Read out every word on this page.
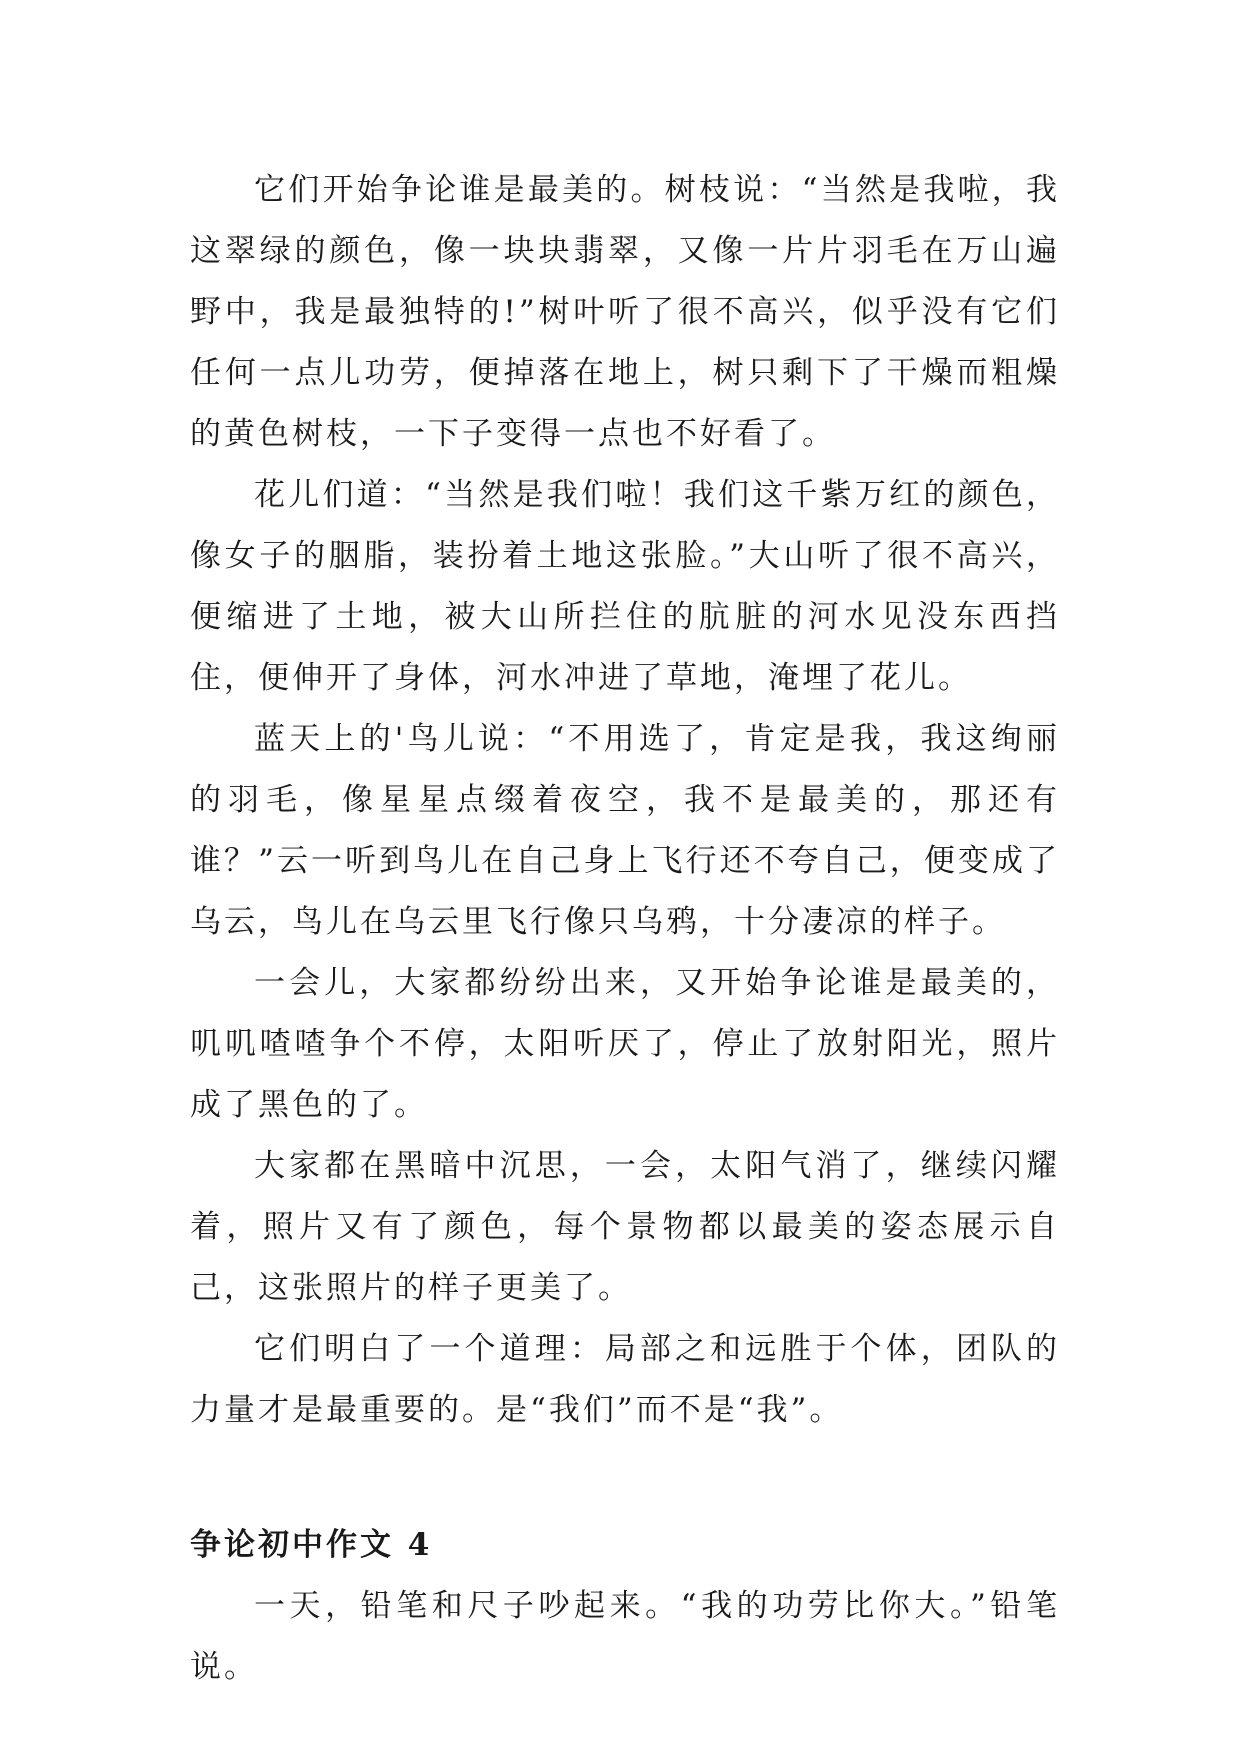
它们开始争论谁是最美的。树枝说：“当然是我啦，我这翠绿的颜色，像一块块翡翠，又像一片片羽毛在万山遍野中，我是最独特的!”树叶听了很不高兴，似乎没有它们任何一点儿功劳，便掉落在地上，树只剩下了干燥而粗燥的黄色树枝，一下子变得一点也不好看了。

花儿们道：“当然是我们啦！我们这千紫万红的颜色，像女子的胭脂，装扮着土地这张脸。”大山听了很不高兴，便缩进了土地，被大山所拦住的肮脏的河水见没东西挡住，便伸开了身体，河水冲进了草地，淹埋了花儿。

蓝天上的'鸟儿说：“不用选了，肯定是我，我这绚丽的羽毛，像星星点缀着夜空，我不是最美的，那还有谁？”云一听到鸟儿在自己身上飞行还不夸自己，便变成了乌云，鸟儿在乌云里飞行像只乌鸦，十分凄凉的样子。

一会儿，大家都纷纷出来，又开始争论谁是最美的，叽叽喳喳争个不停，太阳听厌了，停止了放射阳光，照片成了黑色的了。

大家都在黑暗中沉思，一会，太阳气消了，继续闪耀着，照片又有了颜色，每个景物都以最美的姿态展示自己，这张照片的样子更美了。

它们明白了一个道理：局部之和远胜于个体，团队的力量才是最重要的。是“我们”而不是“我”。

争论初中作文 4

一天，铅笔和尺子吵起来。“我的功劳比你大。”铅笔说。
